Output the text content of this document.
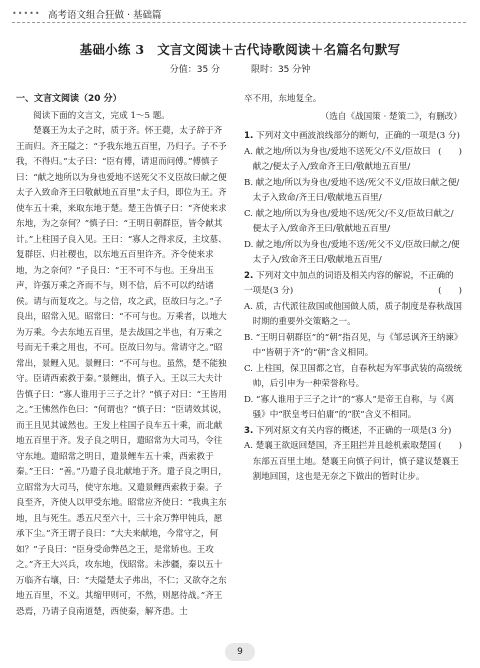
••••• 高考语文组合狂做 · 基础篇
基础小练 3　文言文阅读＋古代诗歌阅读＋名篇名句默写
分值：35 分	限时：35 分钟
一、文言文阅读（20 分）

阅读下面的文言文，完成 1～5 题。

楚襄王为太子之时，质于齐。怀王薨，太子辞于齐王而归。齐王隘之：“予我东地五百里，乃归子。子不予我，不得归。”太子曰：“臣有傅，请退而问傅。”傅慎子曰：“献之地所以为身也爱地不送死父不义臣故曰献之便太子入致命齐王曰敬献地五百里”太子归，即位为王。齐使车五十乘，来取东地于楚。楚王告慎子曰：“齐使来求东地，为之奈何？”慎子曰：“王明日朝群臣，皆令献其计。”上柱国子良入见。王曰：“寡人之得求反，主坟墓、复群臣、归社稷也，以东地五百里许齐。齐令使来求地，为之奈何？”子良曰：“王不可不与也。王身出玉声，许强万乘之齐而不与，则不信，后不可以约结诸侯。请与而复攻之。与之信，攻之武，臣故曰与之。”子良出，昭常入见。昭常曰：“不可与也。万乘者，以地大为万乘。今去东地五百里，是去战国之半也，有万乘之号而无千乘之用也，不可。臣故曰勿与。常请守之。”昭常出，景鲤入见。景鲤曰：“不可与也。虽然，楚不能独守。臣请西索救于秦。”景鲤出，慎子入。王以三大夫计告慎子曰：“寡人谁用于三子之计？”慎子对曰：“王皆用之。”王怫然作色曰：“何谓也？”慎子曰：“臣请效其说，而王且见其诚然也。王发上柱国子良车五十乘，而北献地五百里于齐。发子良之明日，遣昭常为大司马，令往守东地。遣昭常之明日，遣景鲤车五十乘，西索救于秦。”王曰：“善。”乃遣子良北献地于齐。遣子良之明日，立昭常为大司马，使守东地。又遣景鲤西索救于秦。子良至齐，齐使人以甲受东地。昭常应齐使曰：“我典主东地，且与死生。悉五尺至六十，三十余万弊甲钝兵，愿承下尘。”齐王谓子良曰：“大夫来献地，今常守之，何如？”子良曰：“臣身受命弊邑之王，是常矫也。王攻之。”齐王大兴兵，攻东地，伐昭常。未涉疆，秦以五十万临齐右壤，曰：“夫隘楚太子弗出，不仁；又欲夺之东地五百里，不义。其缩甲则可，不然，则愿待战。”齐王恐焉，乃请子良南道楚，西使秦，解齐患。士

卒不用，东地复全。

（选自《战国策 · 楚策二》，有删改）

1. 下列对文中画波浪线部分的断句，正确的一项是(3 分)
(　　)

A. 献之地/所以为身也/爱地不送死父/不义/臣故曰献之/便太子入/致命齐王曰/敬献地五百里/

B. 献之地/所以为身也/爱地不送/死父不义/臣故曰献之便/太子入致命/齐王曰/敬献地五百里/

C. 献之地/所以为身也/爱地不送/死父/不义/臣故曰献之/便太子入/致命齐王曰/敬献地五百里/

D. 献之地/所以为身也/爱地不送/死父不义/臣故曰献之/便太子入/致命齐王曰/敬献地五百里/

2. 下列对文中加点的词语及相关内容的解说，不正确的一项是(3 分)	(　　)

A. 质，古代派往敌国或他国做人质，质子制度是春秋战国时期的重要外交策略之一。

B. “王明日朝群臣”的“朝”指召见，与《邹忌讽齐王纳谏》中“皆朝于齐”的“朝”含义相同。

C. 上柱国，保卫国都之官，自春秋起为军事武装的高级统帅，后引申为一种荣誉称号。

D. “寡人谁用于三子之计”的“寡人”是帝王自称，与《离骚》中“朕皇考曰伯庸”的“朕”含义不相同。

3. 下列对原文有关内容的概述，不正确的一项是(3 分)
(　　)

A. 楚襄王欲返回楚国，齐王阻拦并且趁机索取楚国东部五百里土地。楚襄王向慎子问计，慎子建议楚襄王割地回国，这也是无奈之下做出的暂时让步。

9
